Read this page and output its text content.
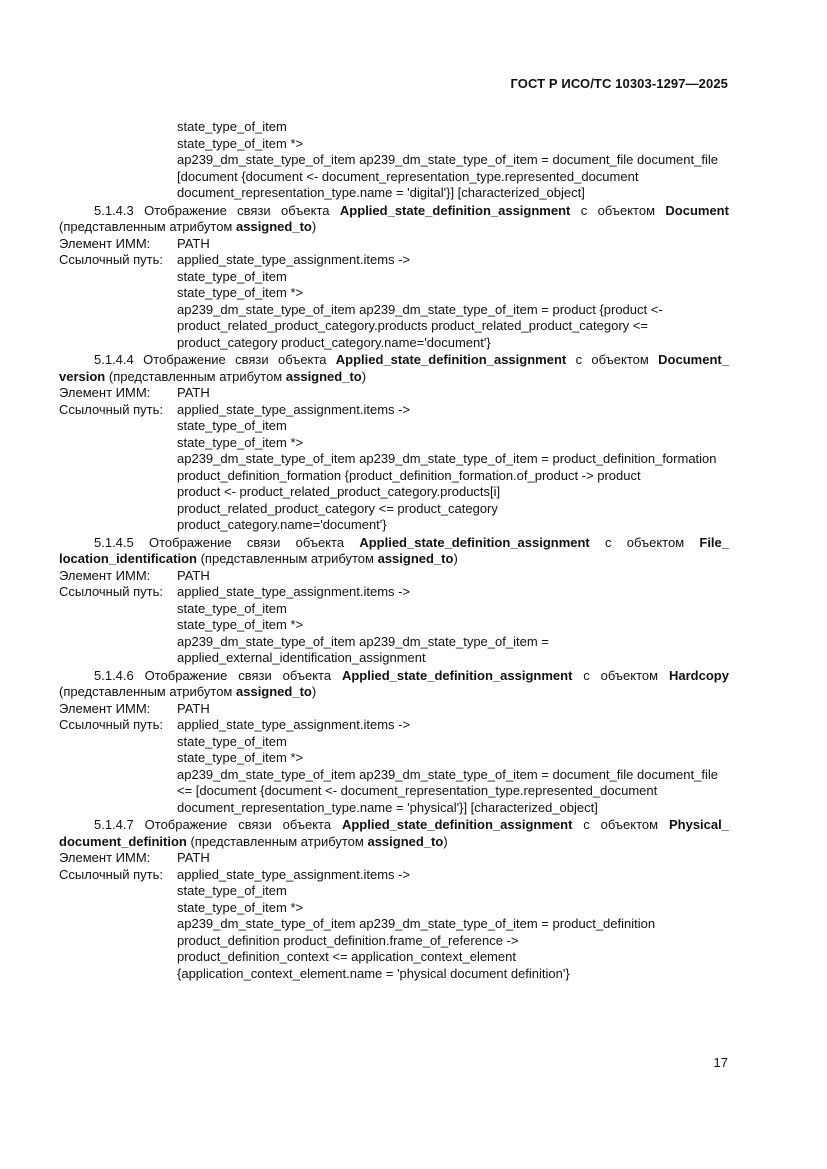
ГОСТ Р ИСО/ТС 10303-1297—2025
state_type_of_item
state_type_of_item *>
ap239_dm_state_type_of_item ap239_dm_state_type_of_item = document_file document_file
[document {document <- document_representation_type.represented_document
document_representation_type.name = 'digital'}] [characterized_object]
5.1.4.3 Отображение связи объекта Applied_state_definition_assignment с объектом Document (представленным атрибутом assigned_to)
Элемент ИММ:	PATH
Ссылочный путь:	applied_state_type_assignment.items ->
state_type_of_item
state_type_of_item *>
ap239_dm_state_type_of_item ap239_dm_state_type_of_item = product {product <-
product_related_product_category.products product_related_product_category <=
product_category product_category.name='document'}
5.1.4.4 Отображение связи объекта Applied_state_definition_assignment с объектом Document_ version (представленным атрибутом assigned_to)
Элемент ИММ:	PATH
Ссылочный путь:	applied_state_type_assignment.items ->
state_type_of_item
state_type_of_item *>
ap239_dm_state_type_of_item ap239_dm_state_type_of_item = product_definition_formation
product_definition_formation {product_definition_formation.of_product -> product
product <- product_related_product_category.products[i]
product_related_product_category <= product_category
product_category.name='document'}
5.1.4.5 Отображение связи объекта Applied_state_definition_assignment с объектом File_ location_identification (представленным атрибутом assigned_to)
Элемент ИММ:	PATH
Ссылочный путь:	applied_state_type_assignment.items ->
state_type_of_item
state_type_of_item *>
ap239_dm_state_type_of_item ap239_dm_state_type_of_item =
applied_external_identification_assignment
5.1.4.6 Отображение связи объекта Applied_state_definition_assignment с объектом Hardcopy (представленным атрибутом assigned_to)
Элемент ИММ:	PATH
Ссылочный путь:	applied_state_type_assignment.items ->
state_type_of_item
state_type_of_item *>
ap239_dm_state_type_of_item ap239_dm_state_type_of_item = document_file document_file
<= [document {document <- document_representation_type.represented_document
document_representation_type.name = 'physical'}] [characterized_object]
5.1.4.7 Отображение связи объекта Applied_state_definition_assignment с объектом Physical_ document_definition (представленным атрибутом assigned_to)
Элемент ИММ:	PATH
Ссылочный путь:	applied_state_type_assignment.items ->
state_type_of_item
state_type_of_item *>
ap239_dm_state_type_of_item ap239_dm_state_type_of_item = product_definition
product_definition product_definition.frame_of_reference ->
product_definition_context <= application_context_element
{application_context_element.name = 'physical document definition'}
17
